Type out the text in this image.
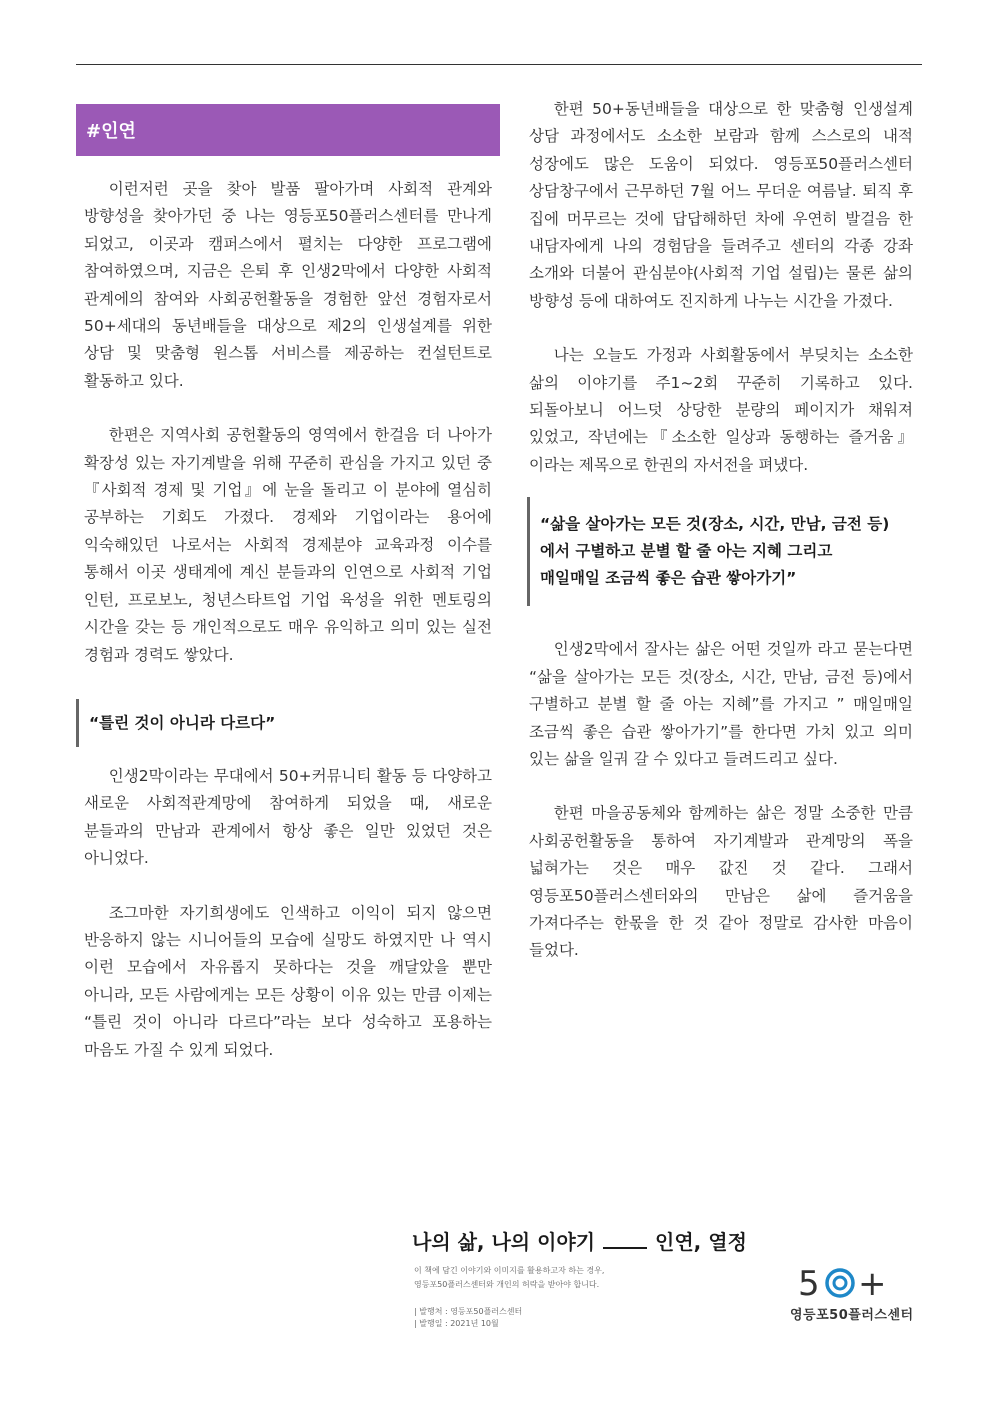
#인연

이런저런 곳을 찾아 발품 팔아가며 사회적 관계와 방향성을 찾아가던 중 나는 영등포50플러스센터를 만나게 되었고, 이곳과 캠퍼스에서 펼치는 다양한 프로그램에 참여하였으며, 지금은 은퇴 후 인생2막에서 다양한 사회적 관계에의 참여와 사회공헌활동을 경험한 앞선 경험자로서 50+세대의 동년배들을 대상으로 제2의 인생설계를 위한 상담 및 맞춤형 원스톱 서비스를 제공하는 컨설턴트로 활동하고 있다.

한편은 지역사회 공헌활동의 영역에서 한걸음 더 나아가 확장성 있는 자기계발을 위해 꾸준히 관심을 가지고 있던 중『사회적 경제 및 기업』에 눈을 돌리고 이 분야에 열심히 공부하는 기회도 가졌다. 경제와 기업이라는 용어에 익숙해있던 나로서는 사회적 경제분야 교육과정 이수를 통해서 이곳 생태계에 계신 분들과의 인연으로 사회적 기업 인턴, 프로보노, 청년스타트업 기업 육성을 위한 멘토링의 시간을 갖는 등 개인적으로도 매우 유익하고 의미 있는 실전 경험과 경력도 쌓았다.

“틀린 것이 아니라 다르다”

인생2막이라는 무대에서 50+커뮤니티 활동 등 다양하고 새로운 사회적관계망에 참여하게 되었을 때, 새로운 분들과의 만남과 관계에서 항상 좋은 일만 있었던 것은 아니었다.

조그마한 자기희생에도 인색하고 이익이 되지 않으면 반응하지 않는 시니어들의 모습에 실망도 하였지만 나 역시 이런 모습에서 자유롭지 못하다는 것을 깨달았을 뿐만 아니라, 모든 사람에게는 모든 상황이 이유 있는 만큼 이제는 “틀린 것이 아니라 다르다”라는 보다 성숙하고 포용하는 마음도 가질 수 있게 되었다.

한편 50+동년배들을 대상으로 한 맞춤형 인생설계 상담 과정에서도 소소한 보람과 함께 스스로의 내적 성장에도 많은 도움이 되었다. 영등포50플러스센터 상담창구에서 근무하던 7월 어느 무더운 여름날. 퇴직 후 집에 머무르는 것에 답답해하던 차에 우연히 발걸음 한 내담자에게 나의 경험담을 들려주고 센터의 각종 강좌 소개와 더불어 관심분야(사회적 기업 설립)는 물론 삶의 방향성 등에 대하여도 진지하게 나누는 시간을 가졌다.

나는 오늘도 가정과 사회활동에서 부딪치는 소소한 삶의 이야기를 주1~2회 꾸준히 기록하고 있다. 되돌아보니 어느덧 상당한 분량의 페이지가 채워져 있었고, 작년에는『소소한 일상과 동행하는 즐거움』이라는 제목으로 한권의 자서전을 펴냈다.

“삶을 살아가는 모든 것(장소, 시간, 만남, 금전 등)
에서 구별하고 분별 할 줄 아는 지혜 그리고
매일매일 조금씩 좋은 습관 쌓아가기”

인생2막에서 잘사는 삶은 어떤 것일까 라고 묻는다면 “삶을 살아가는 모든 것(장소, 시간, 만남, 금전 등)에서 구별하고 분별 할 줄 아는 지혜”를 가지고 ” 매일매일 조금씩 좋은 습관 쌓아가기”를 한다면 가치 있고 의미 있는 삶을 일궈 갈 수 있다고 들려드리고 싶다.

한편 마을공동체와 함께하는 삶은 정말 소중한 만큼 사회공헌활동을 통하여 자기계발과 관계망의 폭을 넓혀가는 것은 매우 값진 것 같다. 그래서 영등포50플러스센터와의 만남은 삶에 즐거움을 가져다주는 한몫을 한 것 같아 정말로 감사한 마음이 들었다.

나의 삶, 나의 이야기	인연, 열정
이 책에 담긴 이야기와 이미지를 활용하고자 하는 경우,
영등포50플러스센터와 개인의 허락을 받아야 합니다.
| 발행처 : 영등포50플러스센터
| 발행일 : 2021년 10월
5 +
영등포50플러스센터
